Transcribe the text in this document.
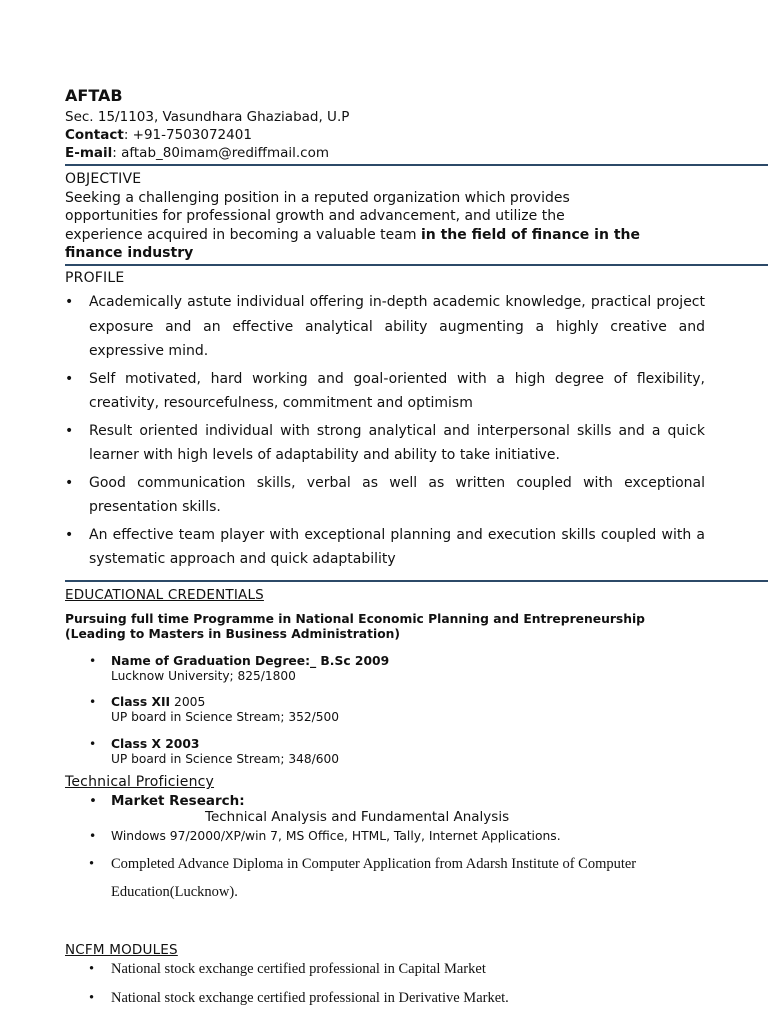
AFTAB
Sec. 15/1103, Vasundhara Ghaziabad, U.P
Contact: +91-7503072401
E-mail: aftab_80imam@rediffmail.com
OBJECTIVE
Seeking a challenging position in a reputed organization which provides
opportunities for professional growth and advancement, and utilize the
experience acquired in becoming a valuable team in the field of finance in the
finance industry
PROFILE
• Academically astute individual offering in-depth academic knowledge, practical project exposure and an effective analytical ability augmenting a highly creative and expressive mind.
• Self motivated, hard working and goal-oriented with a high degree of flexibility, creativity, resourcefulness, commitment and optimism
• Result oriented individual with strong analytical and interpersonal skills and a quick learner with high levels of adaptability and ability to take initiative.
• Good communication skills, verbal as well as written coupled with exceptional presentation skills.
• An effective team player with exceptional planning and execution skills coupled with a systematic approach and quick adaptability
EDUCATIONAL CREDENTIALS
Pursuing full time Programme in National Economic Planning and Entrepreneurship
(Leading to Masters in Business Administration)
• Name of Graduation Degree:_ B.Sc 2009
Lucknow University; 825/1800
• Class XII 2005
UP board in Science Stream; 352/500
• Class X 2003
UP board in Science Stream; 348/600
Technical Proficiency
• Market Research:
Technical Analysis and Fundamental Analysis
• Windows 97/2000/XP/win 7, MS Office, HTML, Tally, Internet Applications.
• Completed Advance Diploma in Computer Application from Adarsh Institute of Computer
Education(Lucknow).
NCFM MODULES
• National stock exchange certified professional in Capital Market
• National stock exchange certified professional in Derivative Market.
